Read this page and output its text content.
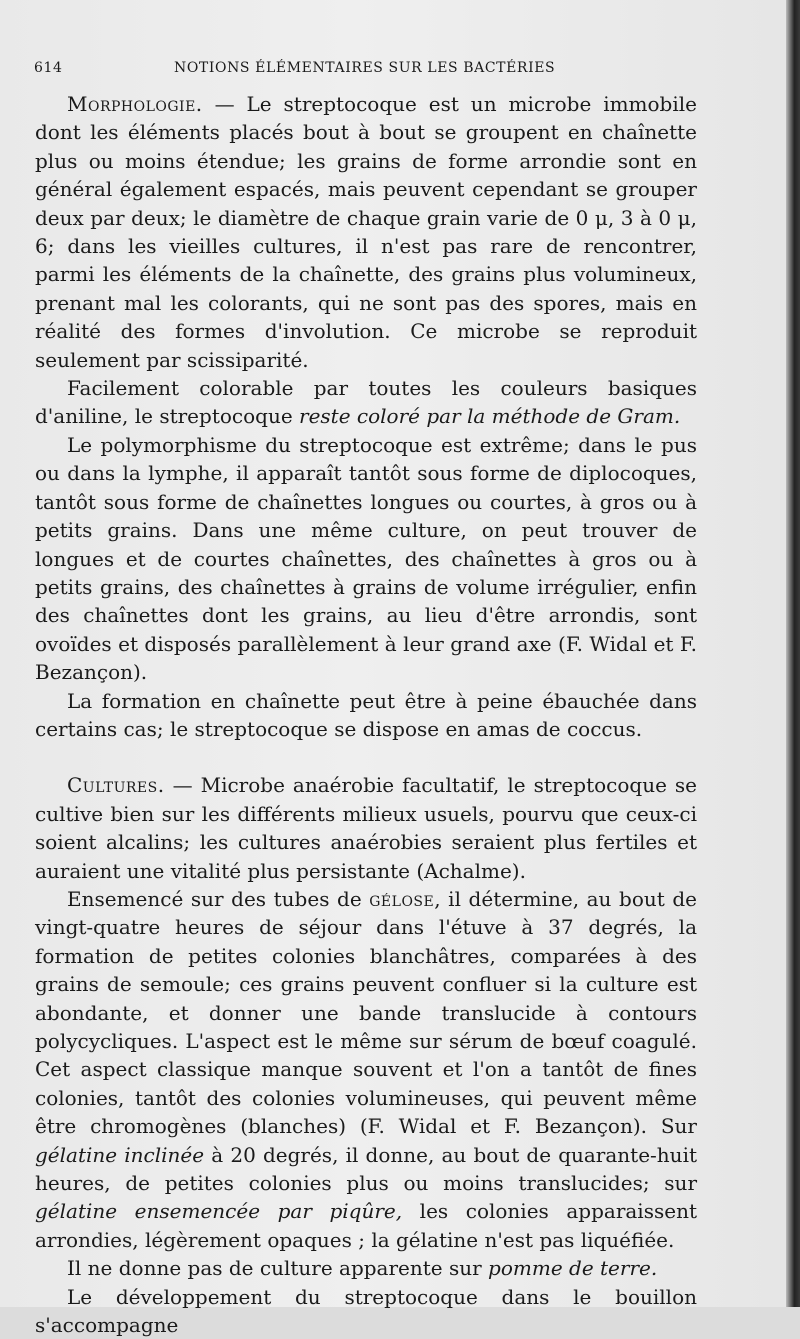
614	NOTIONS ÉLÉMENTAIRES SUR LES BACTÉRIES

Morphologie. — Le streptocoque est un microbe immobile dont les éléments placés bout à bout se groupent en chaînette plus ou moins étendue; les grains de forme arrondie sont en général également espacés, mais peuvent cependant se grouper deux par deux; le diamètre de chaque grain varie de 0 μ, 3 à 0 μ, 6; dans les vieilles cultures, il n'est pas rare de rencontrer, parmi les éléments de la chaînette, des grains plus volumineux, prenant mal les colorants, qui ne sont pas des spores, mais en réalité des formes d'involution. Ce microbe se reproduit seulement par scissiparité.

Facilement colorable par toutes les couleurs basiques d'aniline, le streptocoque reste coloré par la méthode de Gram.

Le polymorphisme du streptocoque est extrême; dans le pus ou dans la lymphe, il apparaît tantôt sous forme de diplocoques, tantôt sous forme de chaînettes longues ou courtes, à gros ou à petits grains. Dans une même culture, on peut trouver de longues et de courtes chaînettes, des chaînettes à gros ou à petits grains, des chaînettes à grains de volume irrégulier, enfin des chaînettes dont les grains, au lieu d'être arrondis, sont ovoïdes et disposés parallèlement à leur grand axe (F. Widal et F. Bezançon).

La formation en chaînette peut être à peine ébauchée dans certains cas; le streptocoque se dispose en amas de coccus.

Cultures. — Microbe anaérobie facultatif, le streptocoque se cultive bien sur les différents milieux usuels, pourvu que ceux-ci soient alcalins; les cultures anaérobies seraient plus fertiles et auraient une vitalité plus persistante (Achalme).

Ensemencé sur des tubes de gélose, il détermine, au bout de vingt-quatre heures de séjour dans l'étuve à 37 degrés, la formation de petites colonies blanchâtres, comparées à des grains de semoule; ces grains peuvent confluer si la culture est abondante, et donner une bande translucide à contours polycycliques. L'aspect est le même sur sérum de bœuf coagulé. Cet aspect classique manque souvent et l'on a tantôt de fines colonies, tantôt des colonies volumineuses, qui peuvent même être chromogènes (blanches) (F. Widal et F. Bezançon). Sur gélatine inclinée à 20 degrés, il donne, au bout de quarante-huit heures, de petites colonies plus ou moins translucides; sur gélatine ensemencée par piqûre, les colonies apparaissent arrondies, légèrement opaques ; la gélatine n'est pas liquéfiée.

Il ne donne pas de culture apparente sur pomme de terre.

Le développement du streptocoque dans le bouillon s'accompagne
